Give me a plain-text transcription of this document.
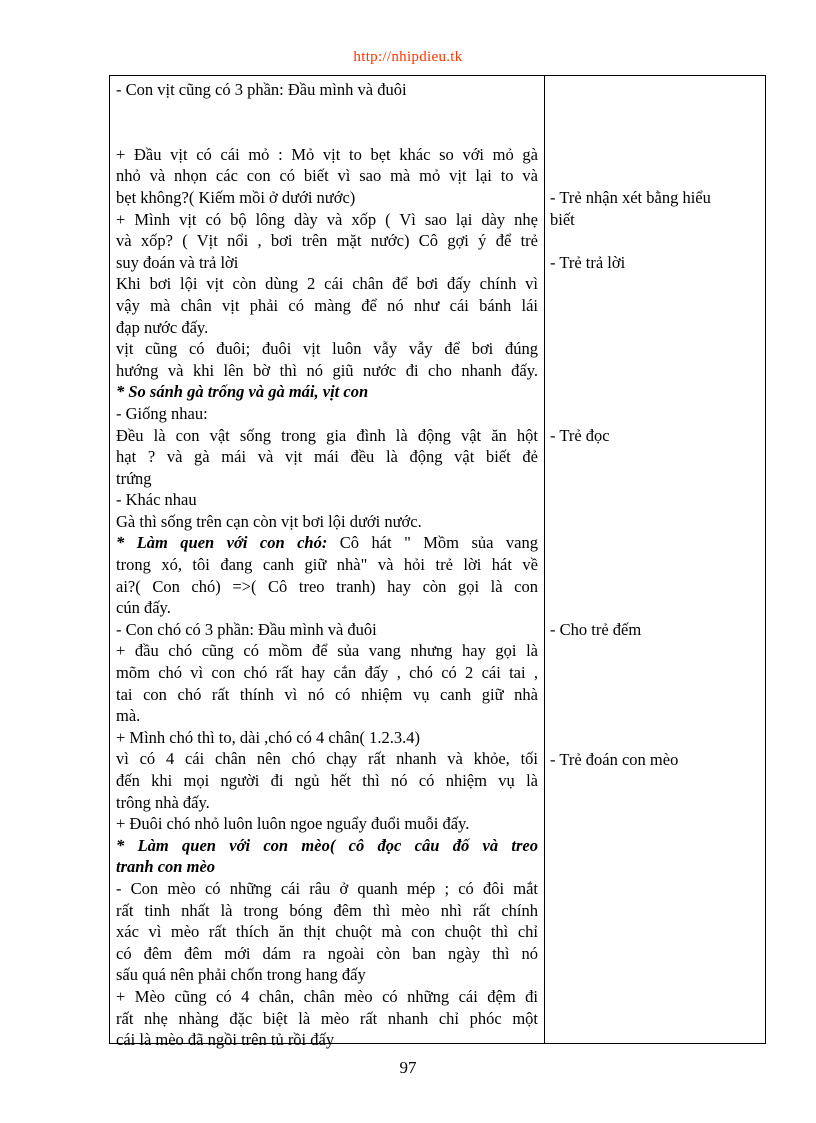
http://nhipdieu.tk
- Con vịt cũng có 3 phần: Đầu mình và đuôi
+ Đầu vịt có cái mỏ : Mỏ vịt to bẹt khác so với mỏ gà
nhỏ và nhọn các con có biết vì sao mà mỏ vịt lại to và
bẹt không?( Kiếm mồi ở dưới nước)
+ Mình vịt có bộ lông dày và xốp ( Vì sao lại dày nhẹ
và xốp? ( Vịt nổi , bơi trên mặt nước) Cô gợi ý để trẻ
suy đoán và trả lời
Khi bơi lội vịt còn dùng 2 cái chân để bơi đấy chính vì
vậy mà chân vịt phải có màng để nó như cái bánh lái
đạp nước đấy.
vịt cũng có đuôi; đuôi vịt luôn vẫy vẫy để bơi đúng
hướng và khi lên bờ thì nó giũ nước đi cho nhanh đấy.
* So sánh gà trống và gà mái, vịt con
- Giống nhau:
Đều là con vật sống trong gia đình là động vật ăn hột
hạt ? và gà mái và vịt mái đều là động vật biết đẻ
trứng
- Khác nhau
Gà thì sống trên cạn còn vịt bơi lội dưới nước.
* Làm quen với con chó: Cô hát " Mồm sủa vang
trong xó, tôi đang canh giữ nhà" và hỏi trẻ lời hát về
ai?( Con chó) =>( Cô treo tranh) hay còn gọi là con
cún đấy.
- Con chó có 3 phần: Đầu mình và đuôi
+ đầu chó cũng có mồm để sủa vang nhưng hay gọi là
mõm chó vì con chó rất hay cắn đấy , chó có 2 cái tai ,
tai con chó rất thính vì nó có nhiệm vụ canh giữ nhà
mà.
+ Mình chó thì to, dài ,chó có 4 chân( 1.2.3.4)
vì có 4 cái chân nên chó chạy rất nhanh và khỏe, tối
đến khi mọi người đi ngủ hết thì nó có nhiệm vụ là
trông nhà đấy.
+ Đuôi chó nhỏ luôn luôn ngoe nguẩy đuổi muỗi đấy.
* Làm quen với con mèo( cô đọc câu đố và treo
tranh con mèo
- Con mèo có những cái râu ở quanh mép ; có đôi mắt
rất tinh nhất là trong bóng đêm thì mèo nhì rất chính
xác vì mèo rất thích ăn thịt chuột mà con chuột thì chỉ
có đêm đêm mới dám ra ngoài còn ban ngày thì nó
sấu quá nên phải chốn trong hang đấy
+ Mèo cũng có 4 chân, chân mèo có những cái đệm đi
rất nhẹ nhàng đặc biệt là mèo rất nhanh chỉ phóc một
cái là mèo đã ngồi trên tủ rồi đấy
- Trẻ nhận xét bằng hiểu
biết
- Trẻ trả lời
- Trẻ đọc
- Cho trẻ đếm
- Trẻ đoán con mèo
97
